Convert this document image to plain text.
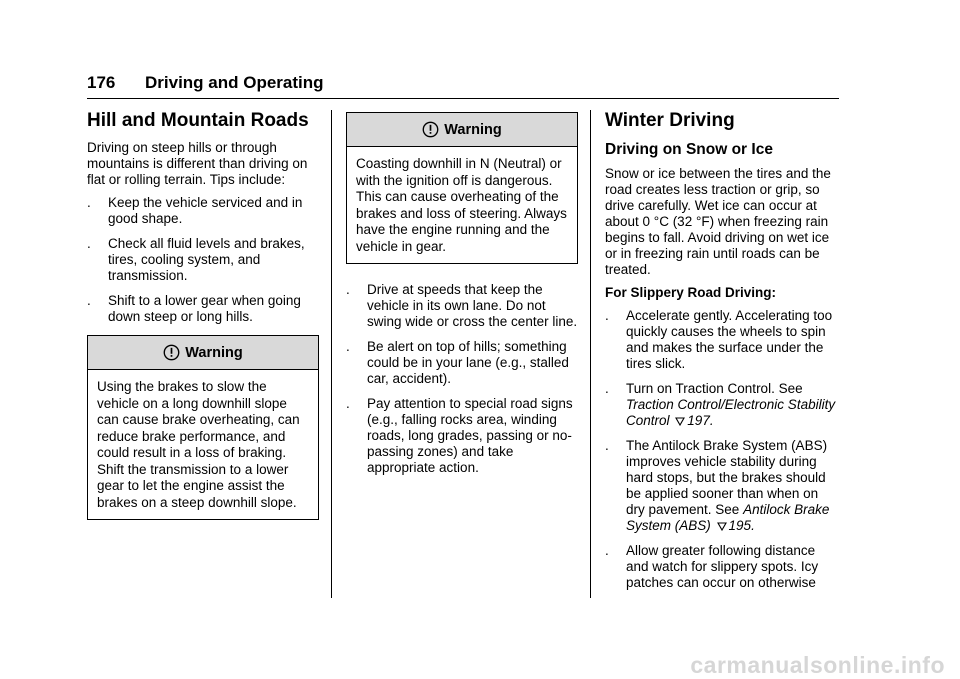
176 Driving and Operating
Hill and Mountain Roads

Driving on steep hills or through mountains is different than driving on flat or rolling terrain. Tips include:

. Keep the vehicle serviced and in good shape.
. Check all fluid levels and brakes, tires, cooling system, and transmission.
. Shift to a lower gear when going down steep or long hills.
Warning

Using the brakes to slow the vehicle on a long downhill slope can cause brake overheating, can reduce brake performance, and could result in a loss of braking. Shift the transmission to a lower gear to let the engine assist the brakes on a steep downhill slope.

Warning

Coasting downhill in N (Neutral) or with the ignition off is dangerous. This can cause overheating of the brakes and loss of steering. Always have the engine running and the vehicle in gear.

. Drive at speeds that keep the vehicle in its own lane. Do not swing wide or cross the center line.
. Be alert on top of hills; something could be in your lane (e.g., stalled car, accident).
. Pay attention to special road signs (e.g., falling rocks area, winding roads, long grades, passing or no-passing zones) and take appropriate action.
Winter Driving
Driving on Snow or Ice

Snow or ice between the tires and the road creates less traction or grip, so drive carefully. Wet ice can occur at about 0 °C (32 °F) when freezing rain begins to fall. Avoid driving on wet ice or in freezing rain until roads can be treated.

For Slippery Road Driving:

. Accelerate gently. Accelerating too quickly causes the wheels to spin and makes the surface under the tires slick.
. Turn on Traction Control. See Traction Control/Electronic Stability Control 197.
. The Antilock Brake System (ABS) improves vehicle stability during hard stops, but the brakes should be applied sooner than when on dry pavement. See Antilock Brake System (ABS) 195.
. Allow greater following distance and watch for slippery spots. Icy patches can occur on otherwise
carmanualsonline.info
